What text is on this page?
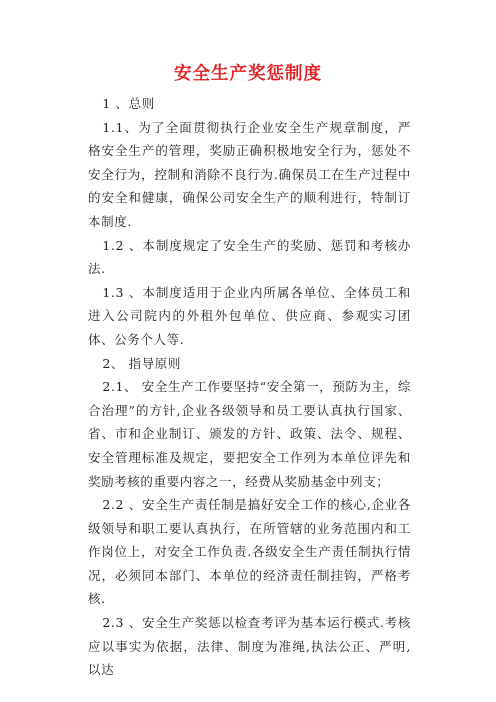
安全生产奖惩制度

1 、总则

1.1、为了全面贯彻执行企业安全生产规章制度，严格安全生产的管理，奖励正确积极地安全行为，惩处不安全行为，控制和消除不良行为.确保员工在生产过程中的安全和健康，确保公司安全生产的顺利进行，特制订本制度.

1.2 、本制度规定了安全生产的奖励、惩罚和考核办法.

1.3 、本制度适用于企业内所属各单位、全体员工和进入公司院内的外租外包单位、供应商、参观实习团体、公务个人等.

2、 指导原则

2.1、 安全生产工作要坚持“安全第一，预防为主，综合治理”的方针,企业各级领导和员工要认真执行国家、省、市和企业制订、颁发的方针、政策、法令、规程、安全管理标准及规定，要把安全工作列为本单位评先和奖励考核的重要内容之一，经费从奖励基金中列支；

2.2 、安全生产责任制是搞好安全工作的核心,企业各级领导和职工要认真执行，在所管辖的业务范围内和工作岗位上，对安全工作负责.各级安全生产责任制执行情况，必须同本部门、本单位的经济责任制挂钩，严格考核.

2.3 、安全生产奖惩以检查考评为基本运行模式.考核应以事实为依据，法律、制度为准绳,执法公正、严明,以达
